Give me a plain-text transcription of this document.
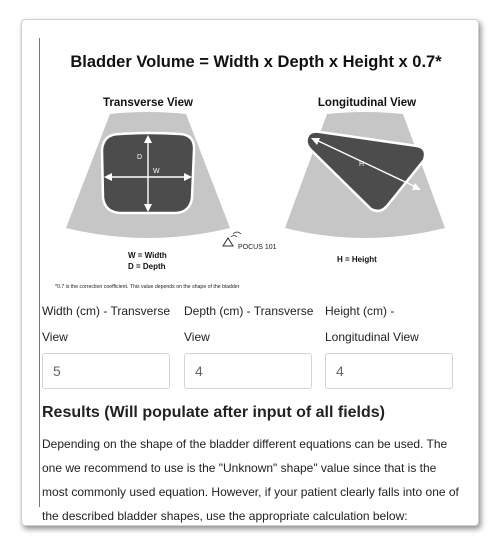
Bladder Volume = Width x Depth x Height x 0.7*
Transverse View	Longitudinal View
D
W
H
W = Width
D = Depth
H = Height
POCUS 101
*0.7 is the correction coefficient. This value depends on the shape of the bladder
Width (cm) - Transverse View
5
Depth (cm) - Transverse View
4
Height (cm) - Longitudinal View
4
Results (Will populate after input of all fields)
Depending on the shape of the bladder different equations can be used. The one we recommend to use is the "Unknown" shape" value since that is the most commonly used equation. However, if your patient clearly falls into one of the described bladder shapes, use the appropriate calculation below:
